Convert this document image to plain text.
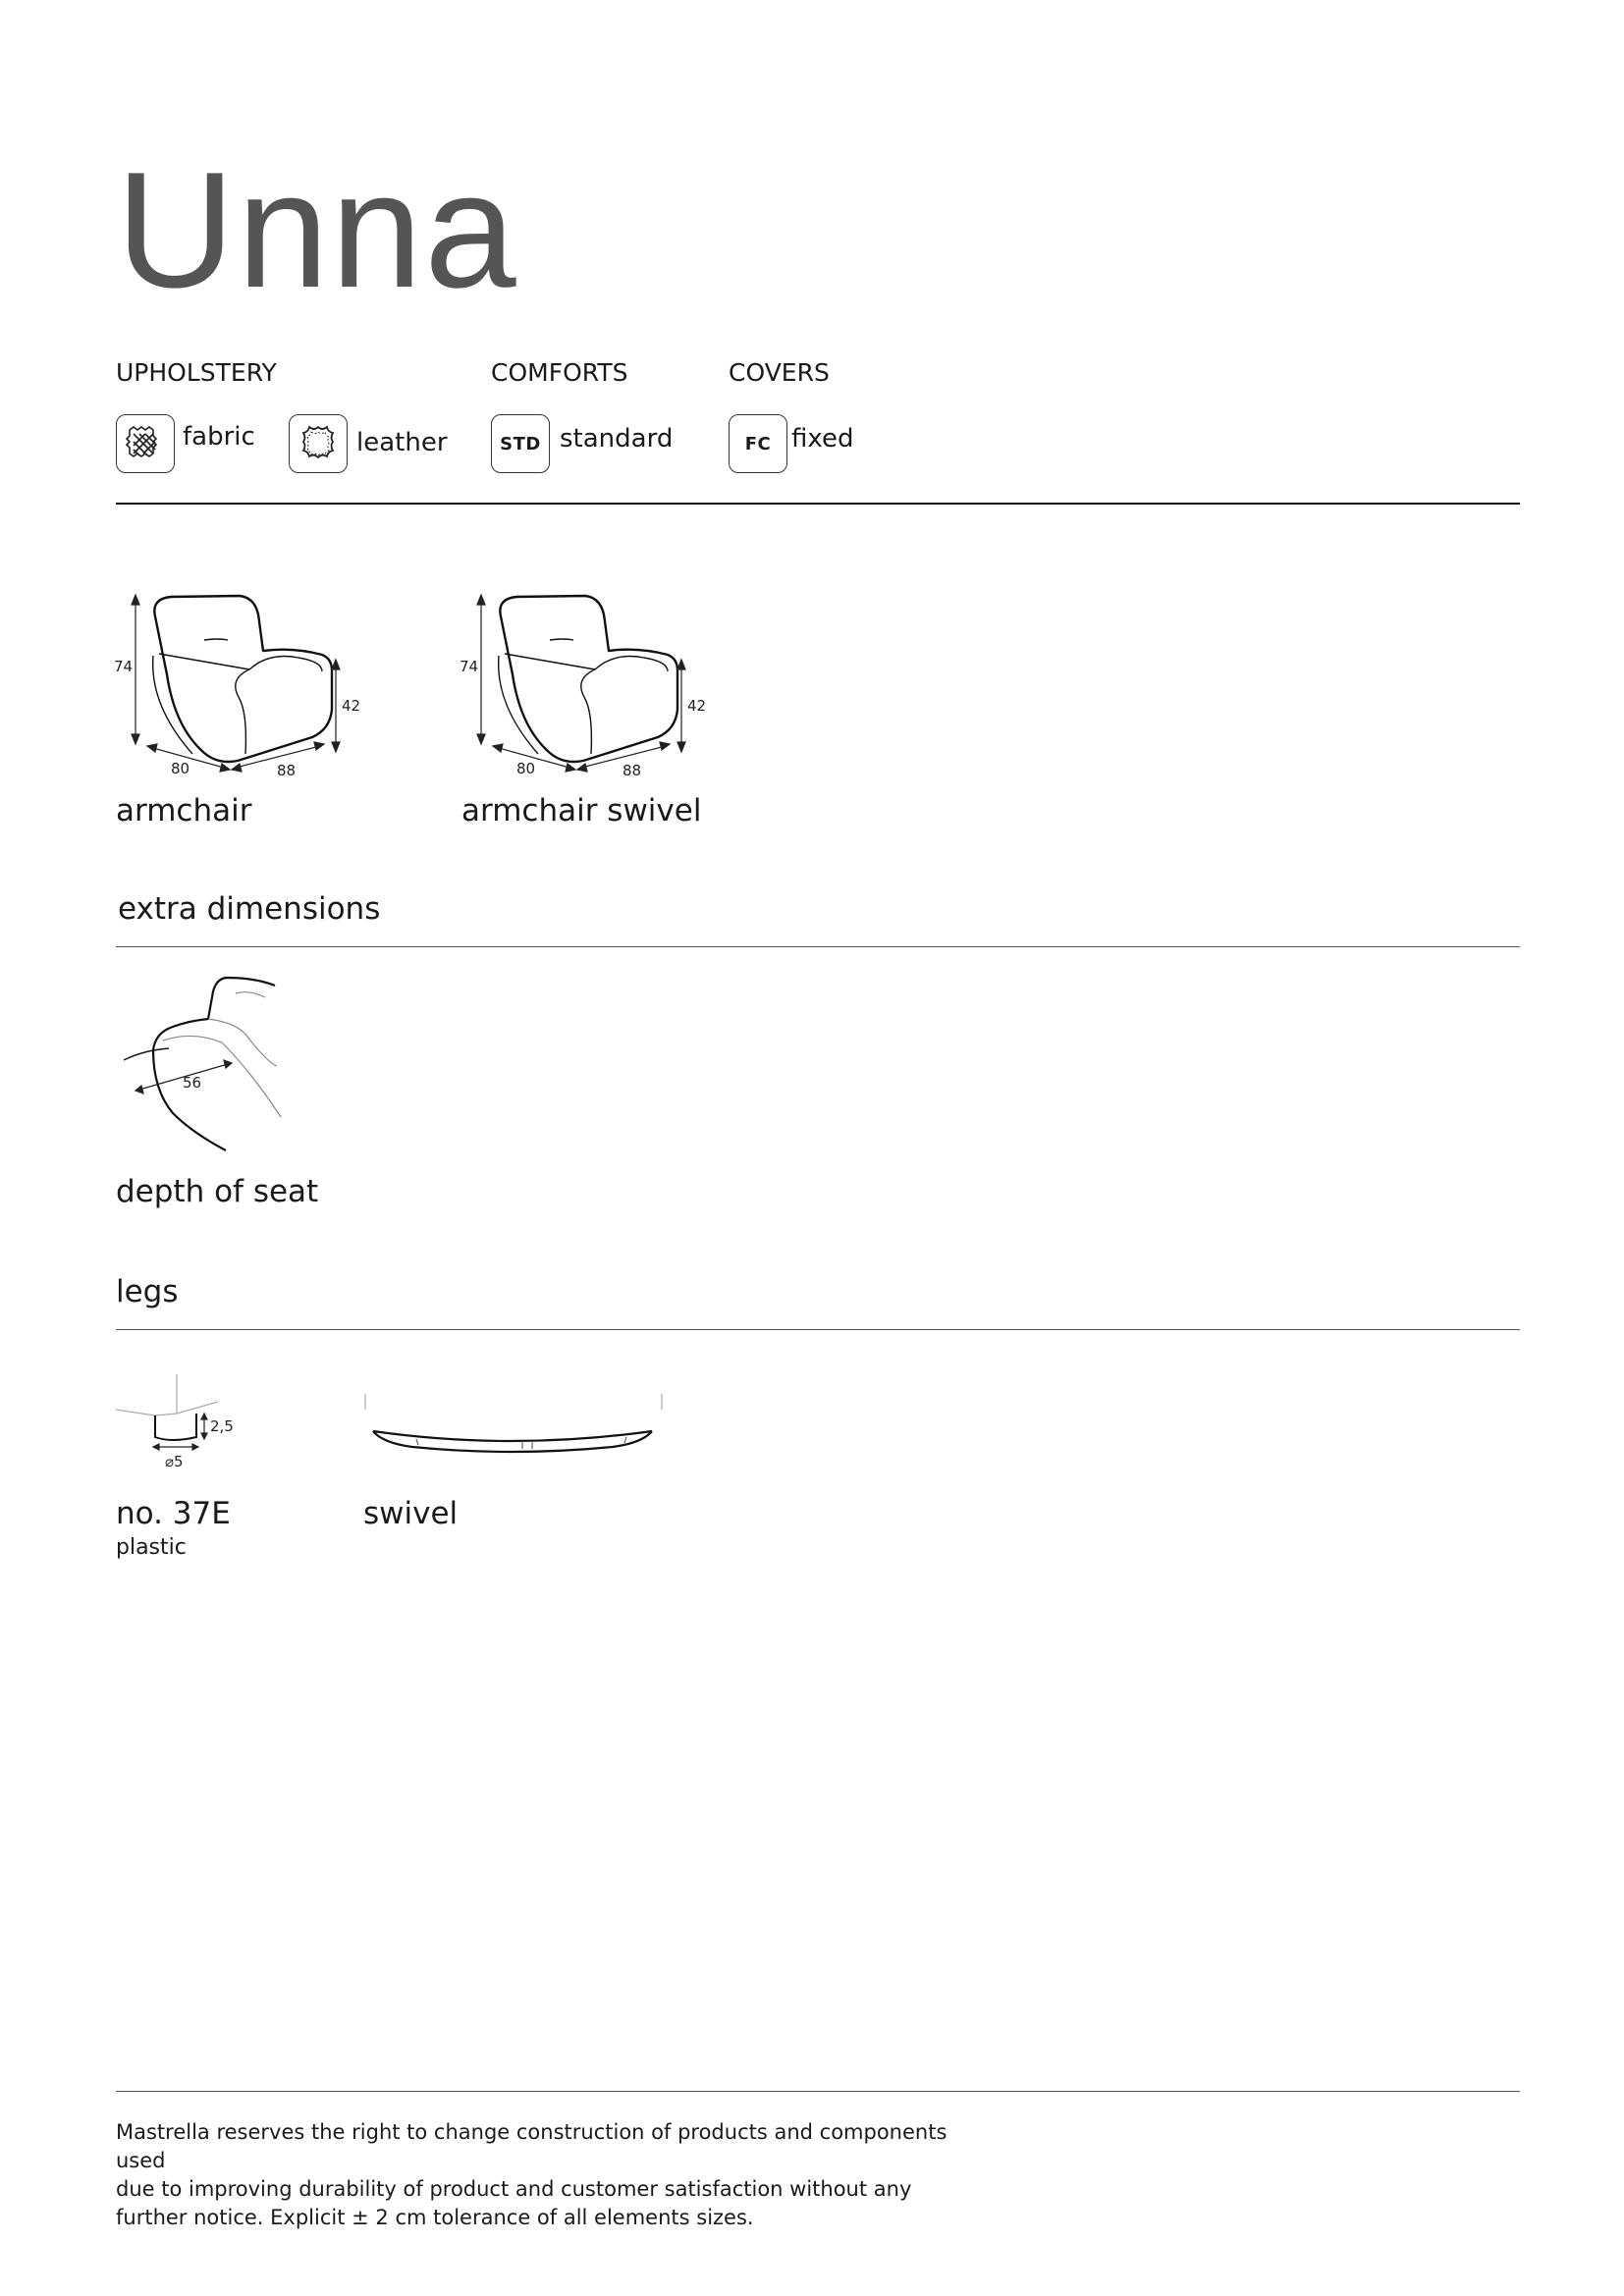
Unna
UPHOLSTERY	COMFORTS	COVERS
fabric	leather	STD standard	FC fixed
74
42
80	88
armchair
74
42
80	88
armchair swivel
extra dimensions
56
depth of seat
legs
2,5
⌀5
no. 37E
plastic
swivel
Mastrella reserves the right to change construction of products and components used
due to improving durability of product and customer satisfaction without any
further notice. Explicit ± 2 cm tolerance of all elements sizes.
